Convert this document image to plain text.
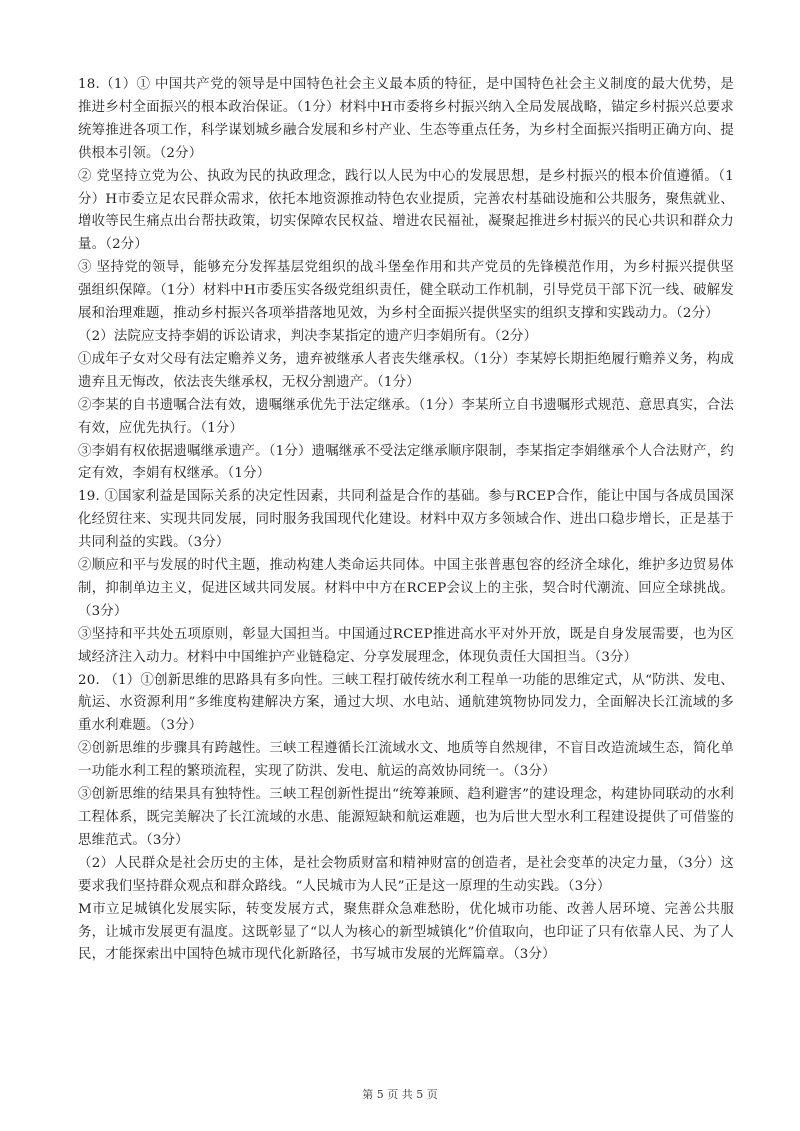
18.（1）① 中国共产党的领导是中国特色社会主义最本质的特征，是中国特色社会主义制度的最大优势，是推进乡村全面振兴的根本政治保证。（1分）材料中H市委将乡村振兴纳入全局发展战略，锚定乡村振兴总要求统筹推进各项工作，科学谋划城乡融合发展和乡村产业、生态等重点任务，为乡村全面振兴指明正确方向、提供根本引领。（2分）

② 党坚持立党为公、执政为民的执政理念，践行以人民为中心的发展思想，是乡村振兴的根本价值遵循。（1分）H市委立足农民群众需求，依托本地资源推动特色农业提质，完善农村基础设施和公共服务，聚焦就业、增收等民生痛点出台帮扶政策，切实保障农民权益、增进农民福祉，凝聚起推进乡村振兴的民心共识和群众力量。（2分）

③ 坚持党的领导，能够充分发挥基层党组织的战斗堡垒作用和共产党员的先锋模范作用，为乡村振兴提供坚强组织保障。（1分）材料中H市委压实各级党组织责任，健全联动工作机制，引导党员干部下沉一线、破解发展和治理难题，推动乡村振兴各项举措落地见效，为乡村全面振兴提供坚实的组织支撑和实践动力。（2分）

（2）法院应支持李娟的诉讼请求，判决李某指定的遗产归李娟所有。（2分）

①成年子女对父母有法定赡养义务，遗弃被继承人者丧失继承权。（1分）李某婷长期拒绝履行赡养义务，构成遗弃且无悔改，依法丧失继承权，无权分割遗产。（1分）

②李某的自书遗嘱合法有效，遗嘱继承优先于法定继承。（1分）李某所立自书遗嘱形式规范、意思真实，合法有效，应优先执行。（1分）

③李娟有权依据遗嘱继承遗产。（1分）遗嘱继承不受法定继承顺序限制，李某指定李娟继承个人合法财产，约定有效，李娟有权继承。（1分）

19. ①国家利益是国际关系的决定性因素，共同利益是合作的基础。参与RCEP合作，能让中国与各成员国深化经贸往来、实现共同发展，同时服务我国现代化建设。材料中双方多领域合作、进出口稳步增长，正是基于共同利益的实践。（3分）

②顺应和平与发展的时代主题，推动构建人类命运共同体。中国主张普惠包容的经济全球化，维护多边贸易体制，抑制单边主义，促进区域共同发展。材料中中方在RCEP会议上的主张，契合时代潮流、回应全球挑战。（3分）

③坚持和平共处五项原则，彰显大国担当。中国通过RCEP推进高水平对外开放，既是自身发展需要，也为区域经济注入动力。材料中中国维护产业链稳定、分享发展理念，体现负责任大国担当。（3分）

20. （1）①创新思维的思路具有多向性。三峡工程打破传统水利工程单一功能的思维定式，从“防洪、发电、航运、水资源利用”多维度构建解决方案，通过大坝、水电站、通航建筑物协同发力，全面解决长江流域的多重水利难题。（3分）

②创新思维的步骤具有跨越性。三峡工程遵循长江流域水文、地质等自然规律，不盲目改造流域生态，简化单一功能水利工程的繁琐流程，实现了防洪、发电、航运的高效协同统一。（3分）

③创新思维的结果具有独特性。三峡工程创新性提出“统筹兼顾、趋利避害”的建设理念，构建协同联动的水利工程体系，既完美解决了长江流域的水患、能源短缺和航运难题，也为后世大型水利工程建设提供了可借鉴的思维范式。（3分）

（2）人民群众是社会历史的主体，是社会物质财富和精神财富的创造者，是社会变革的决定力量，（3分）这要求我们坚持群众观点和群众路线。“人民城市为人民”正是这一原理的生动实践。（3分）

M市立足城镇化发展实际，转变发展方式，聚焦群众急难愁盼，优化城市功能、改善人居环境、完善公共服务，让城市发展更有温度。这既彰显了“以人为核心的新型城镇化”价值取向，也印证了只有依靠人民、为了人民，才能探索出中国特色城市现代化新路径，书写城市发展的光辉篇章。（3分）

第 5 页 共 5 页
